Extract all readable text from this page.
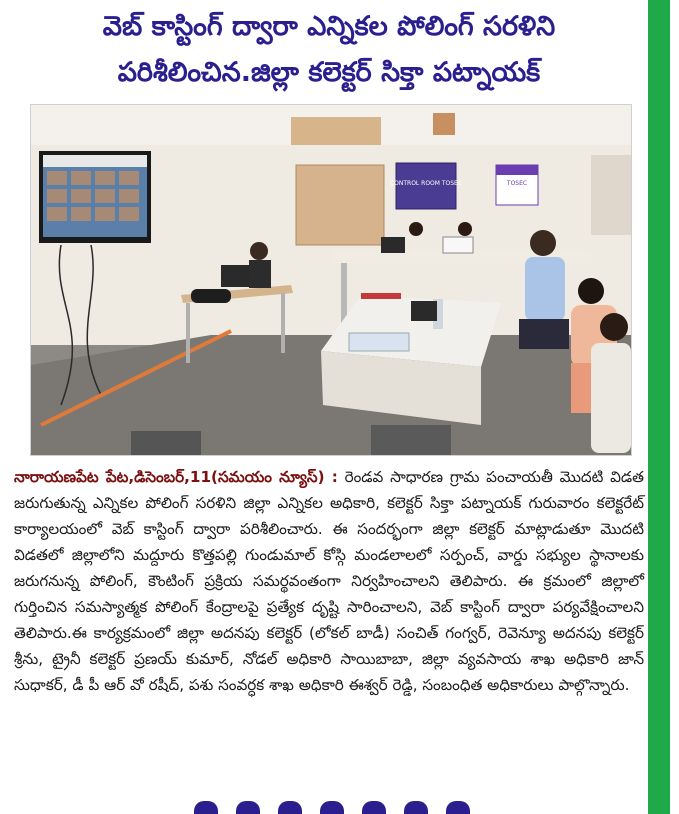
వెబ్ కాస్టింగ్ ద్వారా ఎన్నికల పోలింగ్ సరళిని
పరిశీలించిన.జిల్లా కలెక్టర్ సిక్తా పట్నాయక్
CONTROL ROOM TOSEC	TOSEC
నారాయణపేట పేట,డిసెంబర్,11(సమయం న్యూస్) : రెండవ సాధారణ గ్రామ పంచాయతీ మొదటి విడత జరుగుతున్న ఎన్నికల పోలింగ్ సరళిని జిల్లా ఎన్నికల అధికారి, కలెక్టర్ సిక్తా పట్నాయక్ గురువారం కలెక్టరేట్ కార్యాలయంలో వెబ్ కాస్టింగ్ ద్వారా పరిశీలించారు. ఈ సందర్భంగా జిల్లా కలెక్టర్ మాట్లాడుతూ మొదటి విడతలో జిల్లాలోని మద్దూరు కొత్తపల్లి గుండుమాల్ కోస్గి మండలాలలో సర్పంచ్, వార్డు సభ్యుల స్థానాలకు జరుగనున్న పోలింగ్, కౌంటింగ్ ప్రక్రియ సమర్థవంతంగా నిర్వహించాలని తెలిపారు. ఈ క్రమంలో జిల్లాలో గుర్తించిన సమస్యాత్మక పోలింగ్ కేంద్రాలపై ప్రత్యేక దృష్టి సారించాలని, వెబ్ కాస్టింగ్ ద్వారా పర్యవేక్షించాలని తెలిపారు.ఈ కార్యక్రమంలో జిల్లా అదనపు కలెక్టర్ (లోకల్ బాడీ) సంచిత్ గంగ్వర్, రెవెన్యూ అదనపు కలెక్టర్ శ్రీను, ట్రైనీ కలెక్టర్ ప్రణయ్ కుమార్, నోడల్ అధికారి సాయిబాబా, జిల్లా వ్యవసాయ శాఖ అధికారి జాన్ సుధాకర్, డీ పీ ఆర్ వో రషీద్, పశు సంవర్ధక శాఖ అధికారి ఈశ్వర్ రెడ్డి, సంబంధిత అధికారులు పాల్గొన్నారు.
